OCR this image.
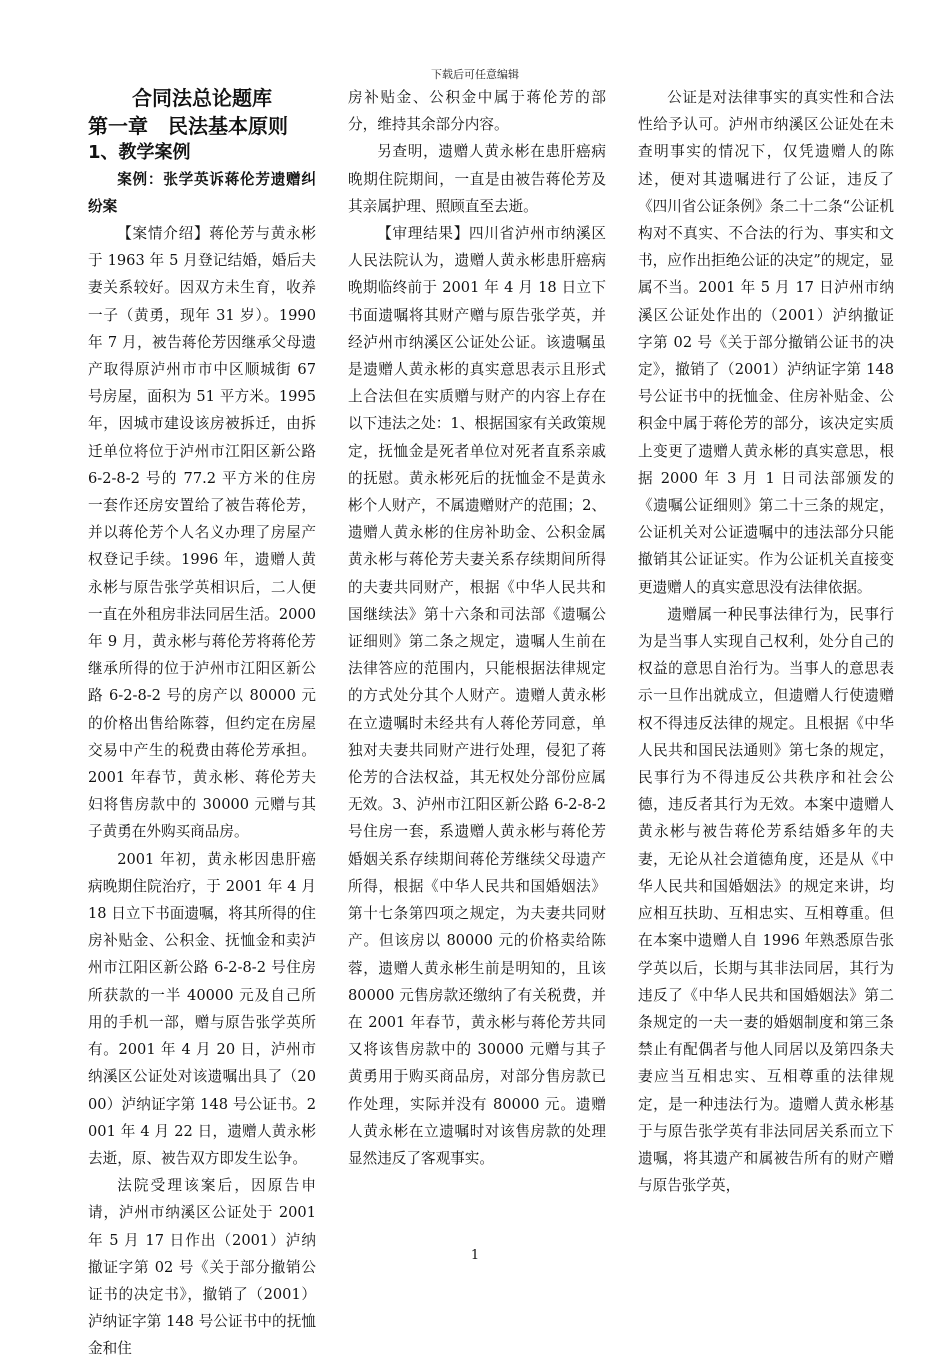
下载后可任意编辑

合同法总论题库

第一章　民法基本原则

1、教学案例

案例：张学英诉蒋伦芳遗赠纠纷案

【案情介绍】蒋伦芳与黄永彬于 1963 年 5 月登记结婚，婚后夫妻关系较好。因双方未生育，收养一子（黄勇，现年 31 岁）。1990 年 7 月，被告蒋伦芳因继承父母遗产取得原泸州市市中区顺城街 67 号房屋，面积为 51 平方米。1995 年，因城市建设该房被拆迁，由拆迁单位将位于泸州市江阳区新公路 6-2-8-2 号的 77.2 平方米的住房一套作还房安置给了被告蒋伦芳，并以蒋伦芳个人名义办理了房屋产权登记手续。1996 年，遗赠人黄永彬与原告张学英相识后，二人便一直在外租房非法同居生活。2000 年 9 月，黄永彬与蒋伦芳将蒋伦芳继承所得的位于泸州市江阳区新公路 6-2-8-2 号的房产以 80000 元的价格出售给陈蓉，但约定在房屋交易中产生的税费由蒋伦芳承担。2001 年春节，黄永彬、蒋伦芳夫妇将售房款中的 30000 元赠与其子黄勇在外购买商品房。

2001 年初，黄永彬因患肝癌病晚期住院治疗，于 2001 年 4 月 18 日立下书面遗嘱，将其所得的住房补贴金、公积金、抚恤金和卖泸州市江阳区新公路 6-2-8-2 号住房所获款的一半 40000 元及自己所用的手机一部，赠与原告张学英所有。2001 年 4 月 20 日，泸州市纳溪区公证处对该遗嘱出具了（2000）泸纳证字第 148 号公证书。2001 年 4 月 22 日，遗赠人黄永彬去逝，原、被告双方即发生讼争。

法院受理该案后，因原告申请，泸州市纳溪区公证处于 2001 年 5 月 17 日作出（2001）泸纳撤证字第 02 号《关于部分撤销公证书的决定书》，撤销了（2001）泸纳证字第 148 号公证书中的抚恤金和住

房补贴金、公积金中属于蒋伦芳的部分，维持其余部分内容。

另查明，遗赠人黄永彬在患肝癌病晚期住院期间，一直是由被告蒋伦芳及其亲属护理、照顾直至去逝。

【审理结果】四川省泸州市纳溪区人民法院认为，遗赠人黄永彬患肝癌病晚期临终前于 2001 年 4 月 18 日立下书面遗嘱将其财产赠与原告张学英，并经泸州市纳溪区公证处公证。该遗嘱虽是遗赠人黄永彬的真实意思表示且形式上合法但在实质赠与财产的内容上存在以下违法之处：1、根据国家有关政策规定，抚恤金是死者单位对死者直系亲戚的抚慰。黄永彬死后的抚恤金不是黄永彬个人财产，不属遗赠财产的范围；2、遗赠人黄永彬的住房补助金、公积金属黄永彬与蒋伦芳夫妻关系存续期间所得的夫妻共同财产，根据《中华人民共和国继续法》第十六条和司法部《遗嘱公证细则》第二条之规定，遗嘱人生前在法律答应的范围内，只能根据法律规定的方式处分其个人财产。遗赠人黄永彬在立遗嘱时未经共有人蒋伦芳同意，单独对夫妻共同财产进行处理，侵犯了蒋伦芳的合法权益，其无权处分部份应属无效。3、泸州市江阳区新公路 6-2-8-2 号住房一套，系遗赠人黄永彬与蒋伦芳婚姻关系存续期间蒋伦芳继续父母遗产所得，根据《中华人民共和国婚姻法》第十七条第四项之规定，为夫妻共同财产。但该房以 80000 元的价格卖给陈蓉，遗赠人黄永彬生前是明知的，且该 80000 元售房款还缴纳了有关税费，并在 2001 年春节，黄永彬与蒋伦芳共同又将该售房款中的 30000 元赠与其子黄勇用于购买商品房，对部分售房款已作处理，实际并没有 80000 元。遗赠人黄永彬在立遗嘱时对该售房款的处理显然违反了客观事实。

公证是对法律事实的真实性和合法性给予认可。泸州市纳溪区公证处在未查明事实的情况下，仅凭遗赠人的陈述，便对其遗嘱进行了公证，违反了《四川省公证条例》条二十二条“公证机构对不真实、不合法的行为、事实和文书，应作出拒绝公证的决定”的规定，显属不当。2001 年 5 月 17 日泸州市纳溪区公证处作出的（2001）泸纳撤证字第 02 号《关于部分撤销公证书的决定》，撤销了（2001）泸纳证字第 148 号公证书中的抚恤金、住房补贴金、公积金中属于蒋伦芳的部分，该决定实质上变更了遗赠人黄永彬的真实意思，根据 2000 年 3 月 1 日司法部颁发的《遗嘱公证细则》第二十三条的规定，公证机关对公证遗嘱中的违法部分只能撤销其公证证实。作为公证机关直接变更遗赠人的真实意思没有法律依据。

遗赠属一种民事法律行为，民事行为是当事人实现自己权利，处分自己的权益的意思自治行为。当事人的意思表示一旦作出就成立，但遗赠人行使遗赠权不得违反法律的规定。且根据《中华人民共和国民法通则》第七条的规定，民事行为不得违反公共秩序和社会公德，违反者其行为无效。本案中遗赠人黄永彬与被告蒋伦芳系结婚多年的夫妻，无论从社会道德角度，还是从《中华人民共和国婚姻法》的规定来讲，均应相互扶助、互相忠实、互相尊重。但在本案中遗赠人自 1996 年熟悉原告张学英以后，长期与其非法同居，其行为违反了《中华人民共和国婚姻法》第二条规定的一夫一妻的婚姻制度和第三条禁止有配偶者与他人同居以及第四条夫妻应当互相忠实、互相尊重的法律规定，是一种违法行为。遗赠人黄永彬基于与原告张学英有非法同居关系而立下遗嘱，将其遗产和属被告所有的财产赠与原告张学英，

1
